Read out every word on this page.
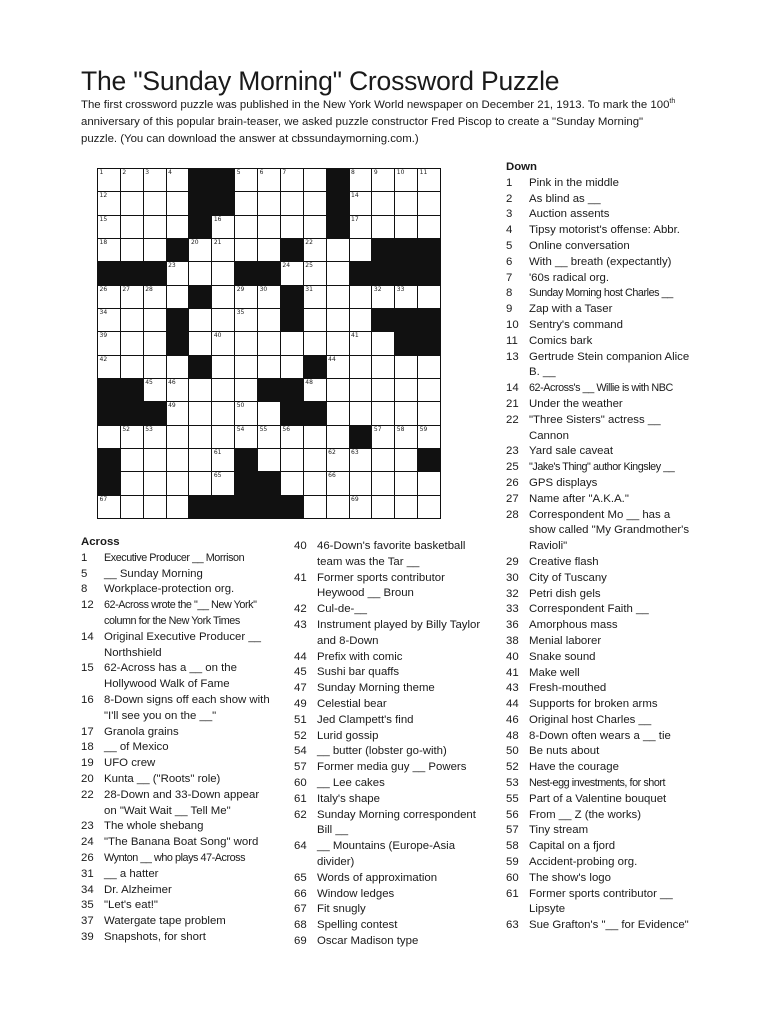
The "Sunday Morning" Crossword Puzzle

The first crossword puzzle was published in the New York World newspaper on December 21, 1913. To mark the 100th

anniversary of this popular brain-teaser, we asked puzzle constructor Fred Piscop to create a "Sunday Morning"

puzzle. (You can download the answer at cbssundaymorning.com.)

1	2	3	4	5	6	7	8	9	10	11
12	14
15	16	17
18	20	21	22
23	24	25
26	27	28	29	30	31	32	33
34	35
39	40	41
42	44
45	46	48
49	50
52	53	54	55	56	57	58	59
61	62	63
65	66
67	69
Across
1	Executive Producer __ Morrison
5	__ Sunday Morning
8	Workplace-protection org.
12 62-Across wrote the "__ New York" column for the New York Times
14 Original Executive Producer __ Northshield
15 62-Across has a __ on the Hollywood Walk of Fame
16 8-Down signs off each show with "I'll see you on the __"
17 Granola grains
18 __ of Mexico
19 UFO crew
20 Kunta __ ("Roots" role)
22 28-Down and 33-Down appear on "Wait Wait __ Tell Me"
23 The whole shebang
24 "The Banana Boat Song" word
26 Wynton __ who plays 47-Across
31 __ a hatter
34 Dr. Alzheimer
35 "Let's eat!"
37 Watergate tape problem
39 Snapshots, for short
40 46-Down's favorite basketball team was the Tar __
41 Former sports contributor Heywood __ Broun
42 Cul-de-__
43 Instrument played by Billy Taylor and 8-Down
44 Prefix with comic
45 Sushi bar quaffs
47 Sunday Morning theme
49 Celestial bear
51 Jed Clampett's find
52 Lurid gossip
54 __ butter (lobster go-with)
57 Former media guy __ Powers
60 __ Lee cakes
61 Italy's shape
62 Sunday Morning correspondent Bill __
64 __ Mountains (Europe-Asia divider)
65 Words of approximation
66 Window ledges
67 Fit snugly
68 Spelling contest
69 Oscar Madison type
Down
1	Pink in the middle
2	As blind as __
3	Auction assents
4	Tipsy motorist's offense: Abbr.
5	Online conversation
6	With __ breath (expectantly)
7	'60s radical org.
8	Sunday Morning host Charles __
9	Zap with a Taser
10 Sentry's command
11 Comics bark
13 Gertrude Stein companion Alice B. __
14 62-Across's __ Willie is with NBC
21 Under the weather
22 "Three Sisters" actress __ Cannon
23 Yard sale caveat
25 "Jake's Thing" author Kingsley __
26 GPS displays
27 Name after "A.K.A."
28 Correspondent Mo __ has a show called "My Grandmother's Ravioli"
29 Creative flash
30 City of Tuscany
32 Petri dish gels
33 Correspondent Faith __
36 Amorphous mass
38 Menial laborer
40 Snake sound
41 Make well
43 Fresh-mouthed
44 Supports for broken arms
46 Original host Charles __
48 8-Down often wears a __ tie
50 Be nuts about
52 Have the courage
53 Nest-egg investments, for short
55 Part of a Valentine bouquet
56 From __ Z (the works)
57 Tiny stream
58 Capital on a fjord
59 Accident-probing org.
60 The show's logo
61 Former sports contributor __ Lipsyte
63 Sue Grafton's "__ for Evidence"
